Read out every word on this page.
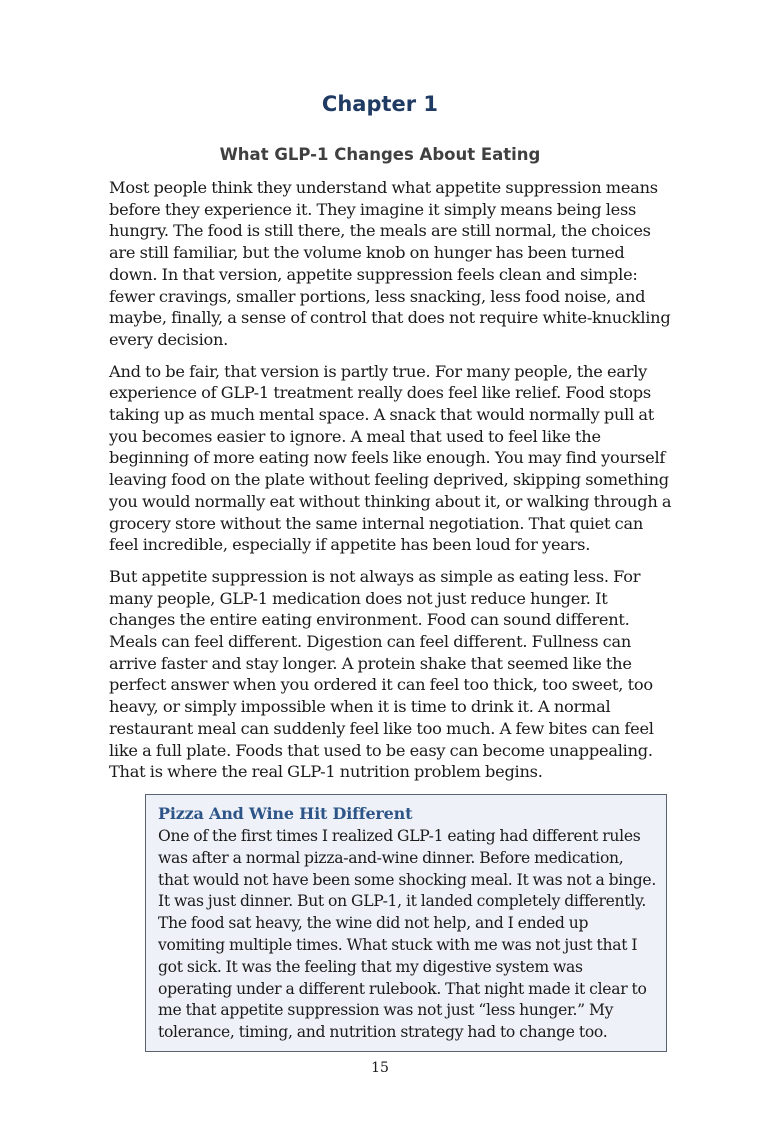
Chapter 1
What GLP-1 Changes About Eating

Most people think they understand what appetite suppression means before they experience it. They imagine it simply means being less hungry. The food is still there, the meals are still normal, the choices are still familiar, but the volume knob on hunger has been turned down. In that version, appetite suppression feels clean and simple: fewer cravings, smaller portions, less snacking, less food noise, and maybe, finally, a sense of control that does not require white-knuckling every decision.

And to be fair, that version is partly true. For many people, the early experience of GLP-1 treatment really does feel like relief. Food stops taking up as much mental space. A snack that would normally pull at you becomes easier to ignore. A meal that used to feel like the beginning of more eating now feels like enough. You may find yourself leaving food on the plate without feeling deprived, skipping something you would normally eat without thinking about it, or walking through a grocery store without the same internal negotiation. That quiet can feel incredible, especially if appetite has been loud for years.

But appetite suppression is not always as simple as eating less. For many people, GLP-1 medication does not just reduce hunger. It changes the entire eating environment. Food can sound different. Meals can feel different. Digestion can feel different. Fullness can arrive faster and stay longer. A protein shake that seemed like the perfect answer when you ordered it can feel too thick, too sweet, too heavy, or simply impossible when it is time to drink it. A normal restaurant meal can suddenly feel like too much. A few bites can feel like a full plate. Foods that used to be easy can become unappealing. That is where the real GLP-1 nutrition problem begins.

Pizza And Wine Hit Different

One of the first times I realized GLP-1 eating had different rules was after a normal pizza-and-wine dinner. Before medication, that would not have been some shocking meal. It was not a binge. It was just dinner. But on GLP-1, it landed completely differently. The food sat heavy, the wine did not help, and I ended up vomiting multiple times. What stuck with me was not just that I got sick. It was the feeling that my digestive system was operating under a different rulebook. That night made it clear to me that appetite suppression was not just “less hunger.” My tolerance, timing, and nutrition strategy had to change too.

15
